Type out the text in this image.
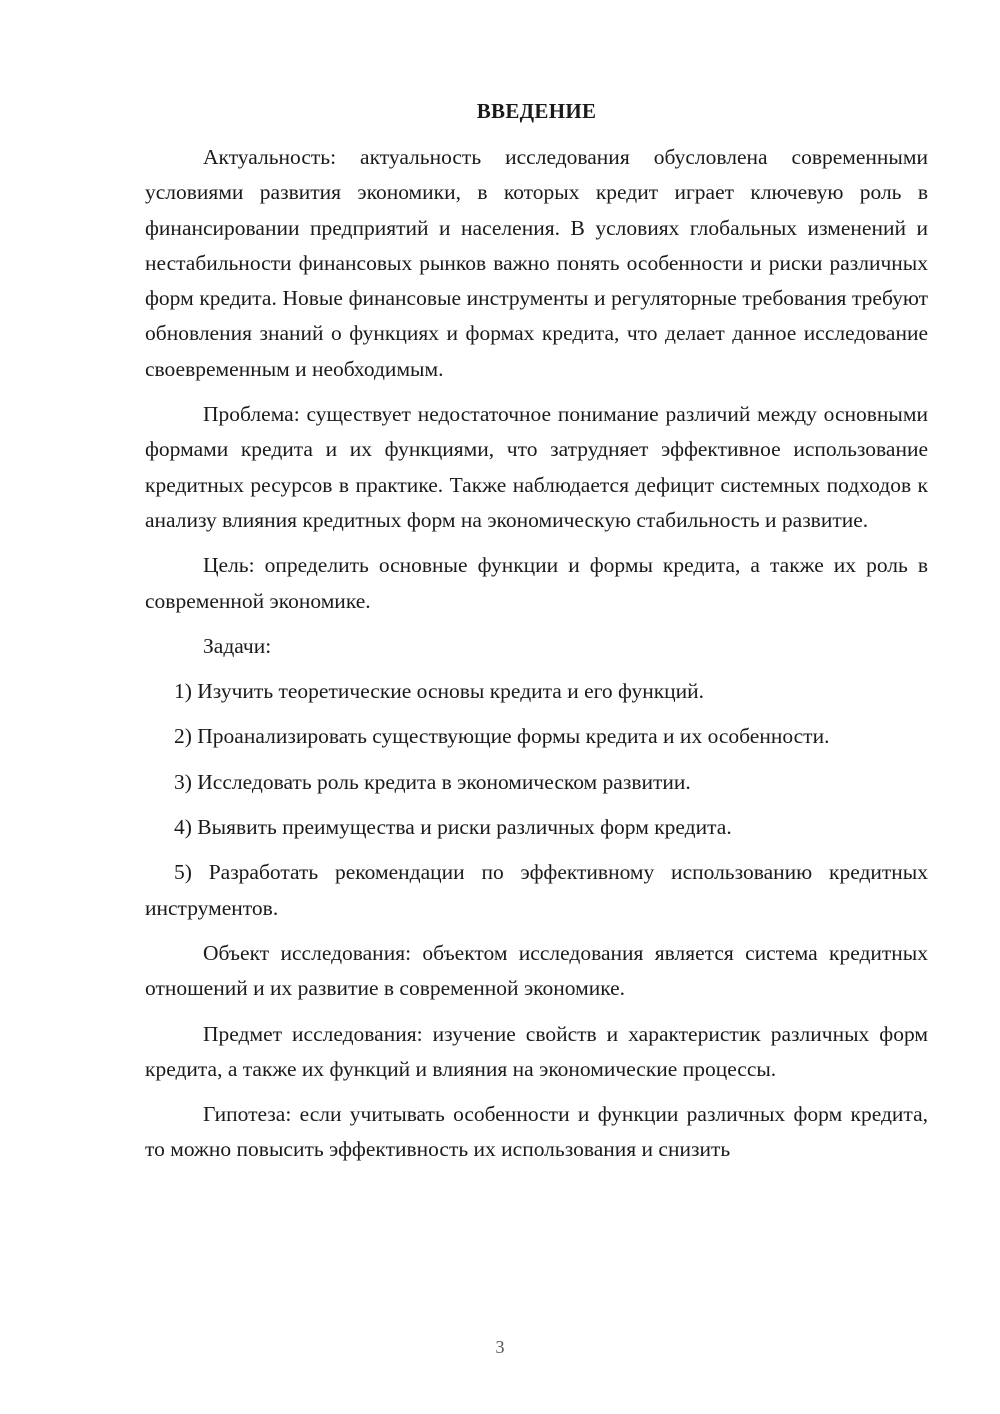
ВВЕДЕНИЕ

Актуальность: актуальность исследования обусловлена современными условиями развития экономики, в которых кредит играет ключевую роль в финансировании предприятий и населения. В условиях глобальных изменений и нестабильности финансовых рынков важно понять особенности и риски различных форм кредита. Новые финансовые инструменты и регуляторные требования требуют обновления знаний о функциях и формах кредита, что делает данное исследование своевременным и необходимым.

Проблема: существует недостаточное понимание различий между основными формами кредита и их функциями, что затрудняет эффективное использование кредитных ресурсов в практике. Также наблюдается дефицит системных подходов к анализу влияния кредитных форм на экономическую стабильность и развитие.

Цель: определить основные функции и формы кредита, а также их роль в современной экономике.

Задачи:

1) Изучить теоретические основы кредита и его функций.

2) Проанализировать существующие формы кредита и их особенности.

3) Исследовать роль кредита в экономическом развитии.

4) Выявить преимущества и риски различных форм кредита.

5) Разработать рекомендации по эффективному использованию кредитных инструментов.

Объект исследования: объектом исследования является система кредитных отношений и их развитие в современной экономике.

Предмет исследования: изучение свойств и характеристик различных форм кредита, а также их функций и влияния на экономические процессы.

Гипотеза: если учитывать особенности и функции различных форм кредита, то можно повысить эффективность их использования и снизить

3
